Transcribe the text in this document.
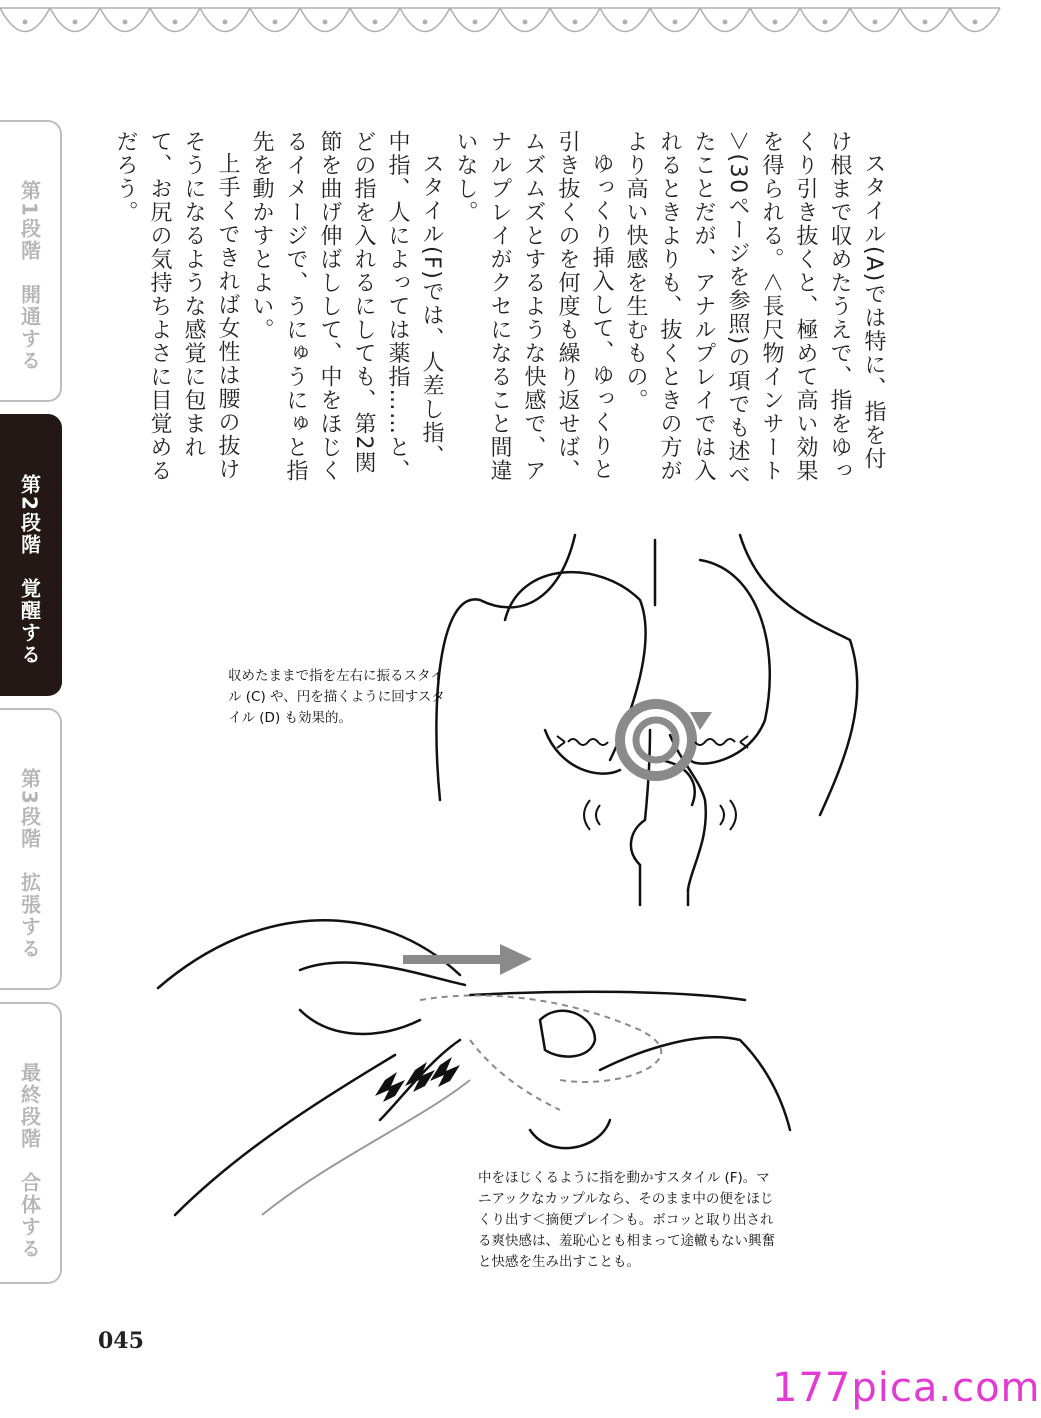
第1段階　開通する
第2段階　覚醒する
第3段階　拡張する
最終段階　合体する

スタイル(A)では特に、指を付け根まで収めたうえで、指をゆっくり引き抜くと、極めて高い効果を得られる。＜長尺物インサート＞(30ページを参照)の項でも述べたことだが、アナルプレイでは入れるときよりも、抜くときの方がより高い快感を生むもの。

ゆっくり挿入して、ゆっくりと引き抜くのを何度も繰り返せば、ムズムズとするような快感で、アナルプレイがクセになること間違いなし。

スタイル(F)では、人差し指、中指、人によっては薬指……と、どの指を入れるにしても、第2関節を曲げ伸ばしして、中をほじくるイメージで、うにゅうにゅと指先を動かすとよい。

上手くできれば女性は腰の抜けそうになるような感覚に包まれて、お尻の気持ちよさに目覚めるだろう。

収めたままで指を左右に振るスタイル (C) や、円を描くように回すスタイル (D) も効果的。
中をほじくるように指を動かすスタイル (F)。マニアックなカップルなら、そのまま中の便をほじくり出す＜摘便プレイ＞も。ボコッと取り出される爽快感は、羞恥心とも相まって途轍もない興奮と快感を生み出すことも。
045
177pica.com
